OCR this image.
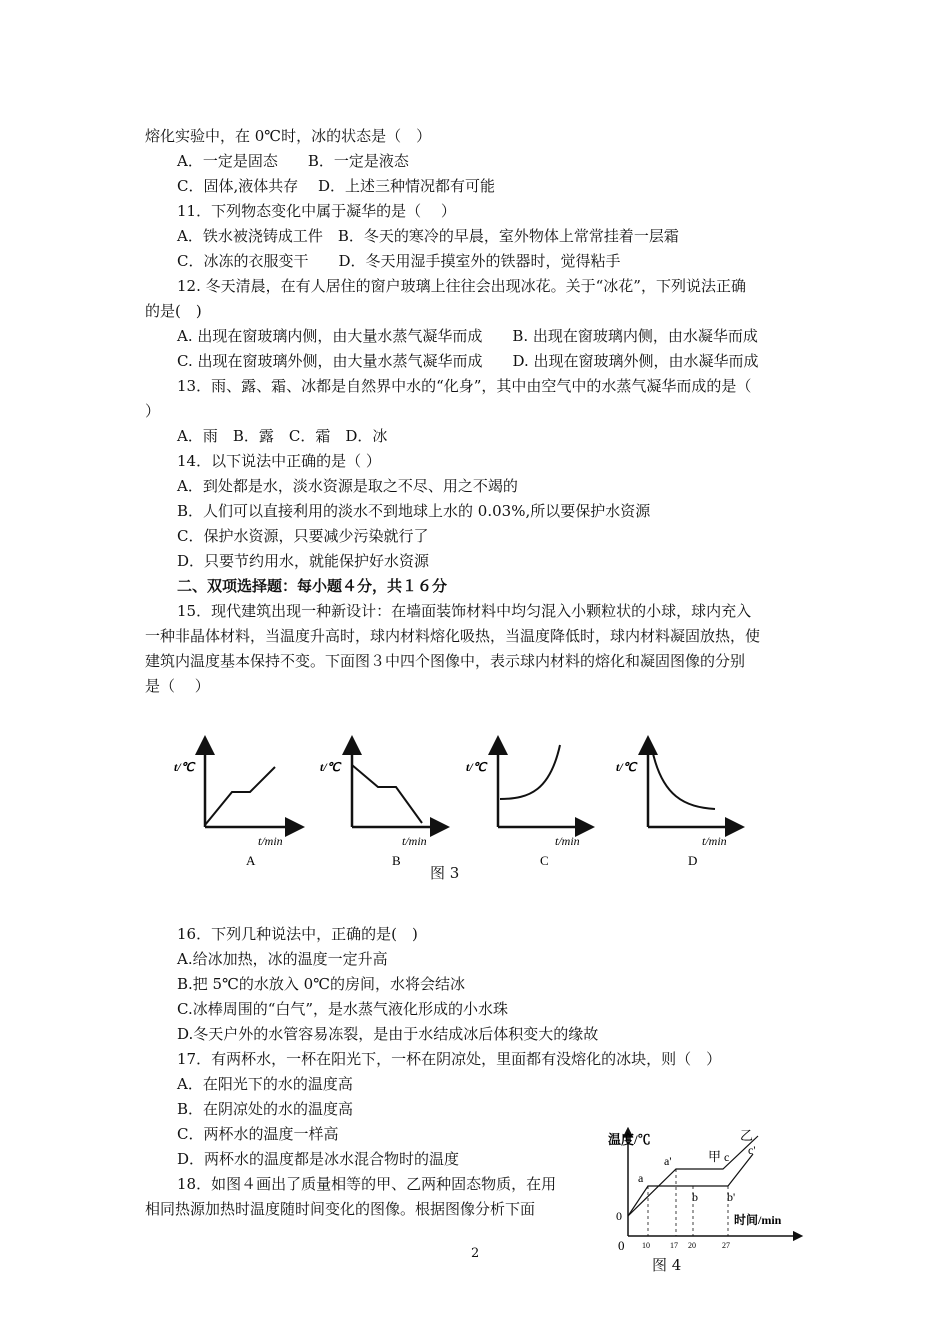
熔化实验中，在 0℃时，冰的状态是（　）
A．一定是固态　　B．一定是液态
C．固体,液体共存　 D．上述三种情况都有可能
11．下列物态变化中属于凝华的是（　 ）
A．铁水被浇铸成工件　B．冬天的寒冷的早晨，室外物体上常常挂着一层霜
C．冰冻的衣服变干　　D．冬天用湿手摸室外的铁器时，觉得粘手
12. 冬天清晨，在有人居住的窗户玻璃上往往会出现冰花。关于“冰花”，下列说法正确
的是(　)
A. 出现在窗玻璃内侧，由大量水蒸气凝华而成　　B. 出现在窗玻璃内侧，由水凝华而成
C. 出现在窗玻璃外侧，由大量水蒸气凝华而成　　D. 出现在窗玻璃外侧，由水凝华而成
13．雨、露、霜、冰都是自然界中水的“化身”，其中由空气中的水蒸气凝华而成的是（
）
A．雨　B．露　C．霜　D．冰
14．以下说法中正确的是（ ）
A．到处都是水，淡水资源是取之不尽、用之不竭的
B．人们可以直接利用的淡水不到地球上水的 0.03%,所以要保护水资源
C．保护水资源，只要减少污染就行了
D．只要节约用水，就能保护好水资源
二、双项选择题：每小题４分，共１６分
15．现代建筑出现一种新设计：在墙面装饰材料中均匀混入小颗粒状的小球，球内充入
一种非晶体材料，当温度升高时，球内材料熔化吸热，当温度降低时，球内材料凝固放热，使
建筑内温度基本保持不变。下面图３中四个图像中，表示球内材料的熔化和凝固图像的分别
是（　 ）
16．下列几种说法中，正确的是(　)
A.给冰加热，冰的温度一定升高
B.把 5℃的水放入 0℃的房间，水将会结冰
C.冰棒周围的“白气”，是水蒸气液化形成的小水珠
D.冬天户外的水管容易冻裂，是由于水结成冰后体积变大的缘故
17．有两杯水，一杯在阳光下，一杯在阴凉处，里面都有没熔化的冰块，则（　）
A．在阳光下的水的温度高
B．在阴凉处的水的温度高
C．两杯水的温度一样高
D．两杯水的温度都是冰水混合物时的温度
18．如图４画出了质量相等的甲、乙两种固态物质，在用
相同热源加热时温度随时间变化的图像。根据图像分析下面
t/℃
t/min
A
t/℃
t/min
B
t/℃
t/min
C
t/℃
t/min
D
图 3
温度/℃
时间/min
0
0 10	17 20	27
甲
乙
a
a'
b b'
c c'
图 4
2
